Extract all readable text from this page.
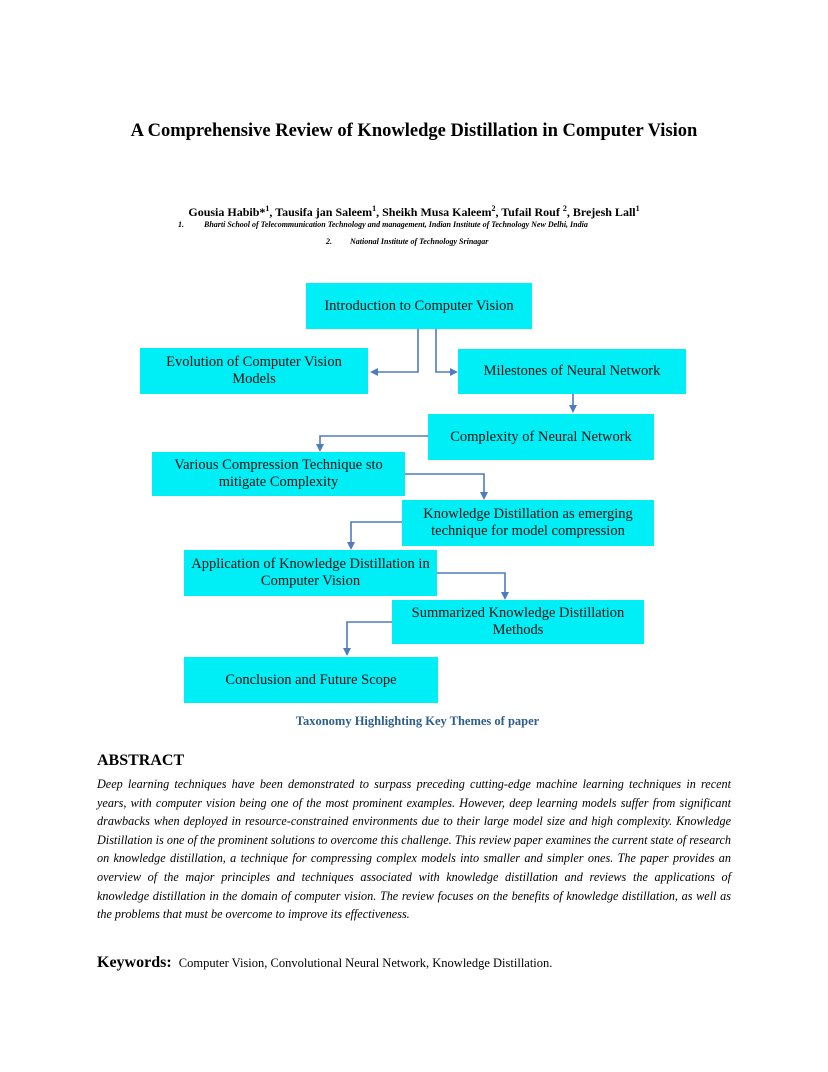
A Comprehensive Review of Knowledge Distillation in Computer Vision
Gousia Habib*$^1$, Tausifa jan Saleem$^1$, Sheikh Musa Kaleem$^2$, Tufail Rouf $^2$, Brejesh Lall$^1$
1.	Bharti School of Telecommunication Technology and management, Indian Institute of Technology New Delhi, India
2. National Institute of Technology Srinagar
Introduction to Computer Vision
Evolution of Computer Vision Models	Milestones of Neural Network
Complexity of Neural Network
Various Compression Technique sto mitigate Complexity
Knowledge Distillation as emerging technique for model compression
Application of Knowledge Distillation in Computer Vision
Summarized Knowledge Distillation Methods
Conclusion and Future Scope
Taxonomy Highlighting Key Themes of paper
ABSTRACT

Deep learning techniques have been demonstrated to surpass preceding cutting-edge machine learning techniques in recent years, with computer vision being one of the most prominent examples. However, deep learning models suffer from significant drawbacks when deployed in resource-constrained environments due to their large model size and high complexity. Knowledge Distillation is one of the prominent solutions to overcome this challenge. This review paper examines the current state of research on knowledge distillation, a technique for compressing complex models into smaller and simpler ones. The paper provides an overview of the major principles and techniques associated with knowledge distillation and reviews the applications of knowledge distillation in the domain of computer vision. The review focuses on the benefits of knowledge distillation, as well as the problems that must be overcome to improve its effectiveness.

Keywords: Computer Vision, Convolutional Neural Network, Knowledge Distillation.
